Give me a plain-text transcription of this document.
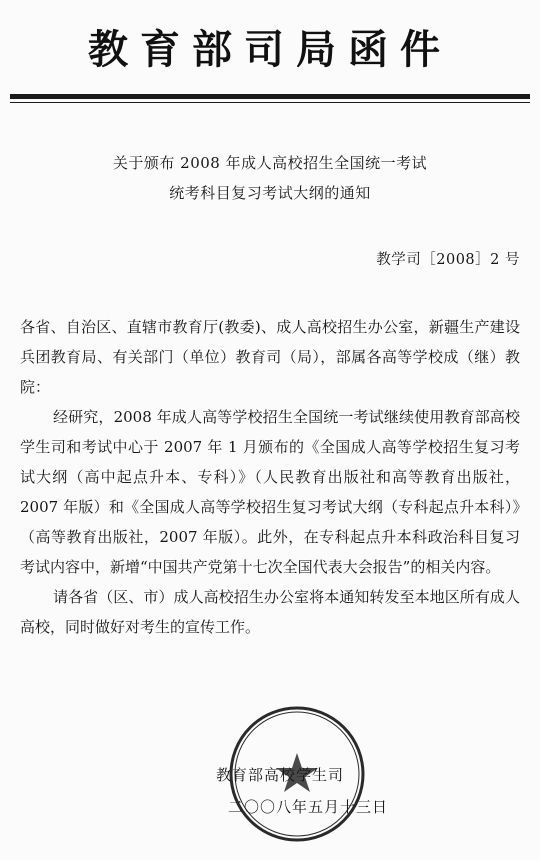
教育部司局函件
关于颁布 2008 年成人高校招生全国统一考试
统考科目复习考试大纲的通知
教学司［2008］2 号

各省、自治区、直辖市教育厅(教委)、成人高校招生办公室，新疆生产建设兵团教育局、有关部门（单位）教育司（局），部属各高等学校成（继）教院：

经研究，2008 年成人高等学校招生全国统一考试继续使用教育部高校学生司和考试中心于 2007 年 1 月颁布的《全国成人高等学校招生复习考试大纲（高中起点升本、专科）》（人民教育出版社和高等教育出版社，2007 年版）和《全国成人高等学校招生复习考试大纲（专科起点升本科）》（高等教育出版社，2007 年版）。此外，在专科起点升本科政治科目复习考试内容中，新增“中国共产党第十七次全国代表大会报告”的相关内容。

请各省（区、市）成人高校招生办公室将本通知转发至本地区所有成人高校，同时做好对考生的宣传工作。

教育部高校学生司
二〇〇八年五月十三日
